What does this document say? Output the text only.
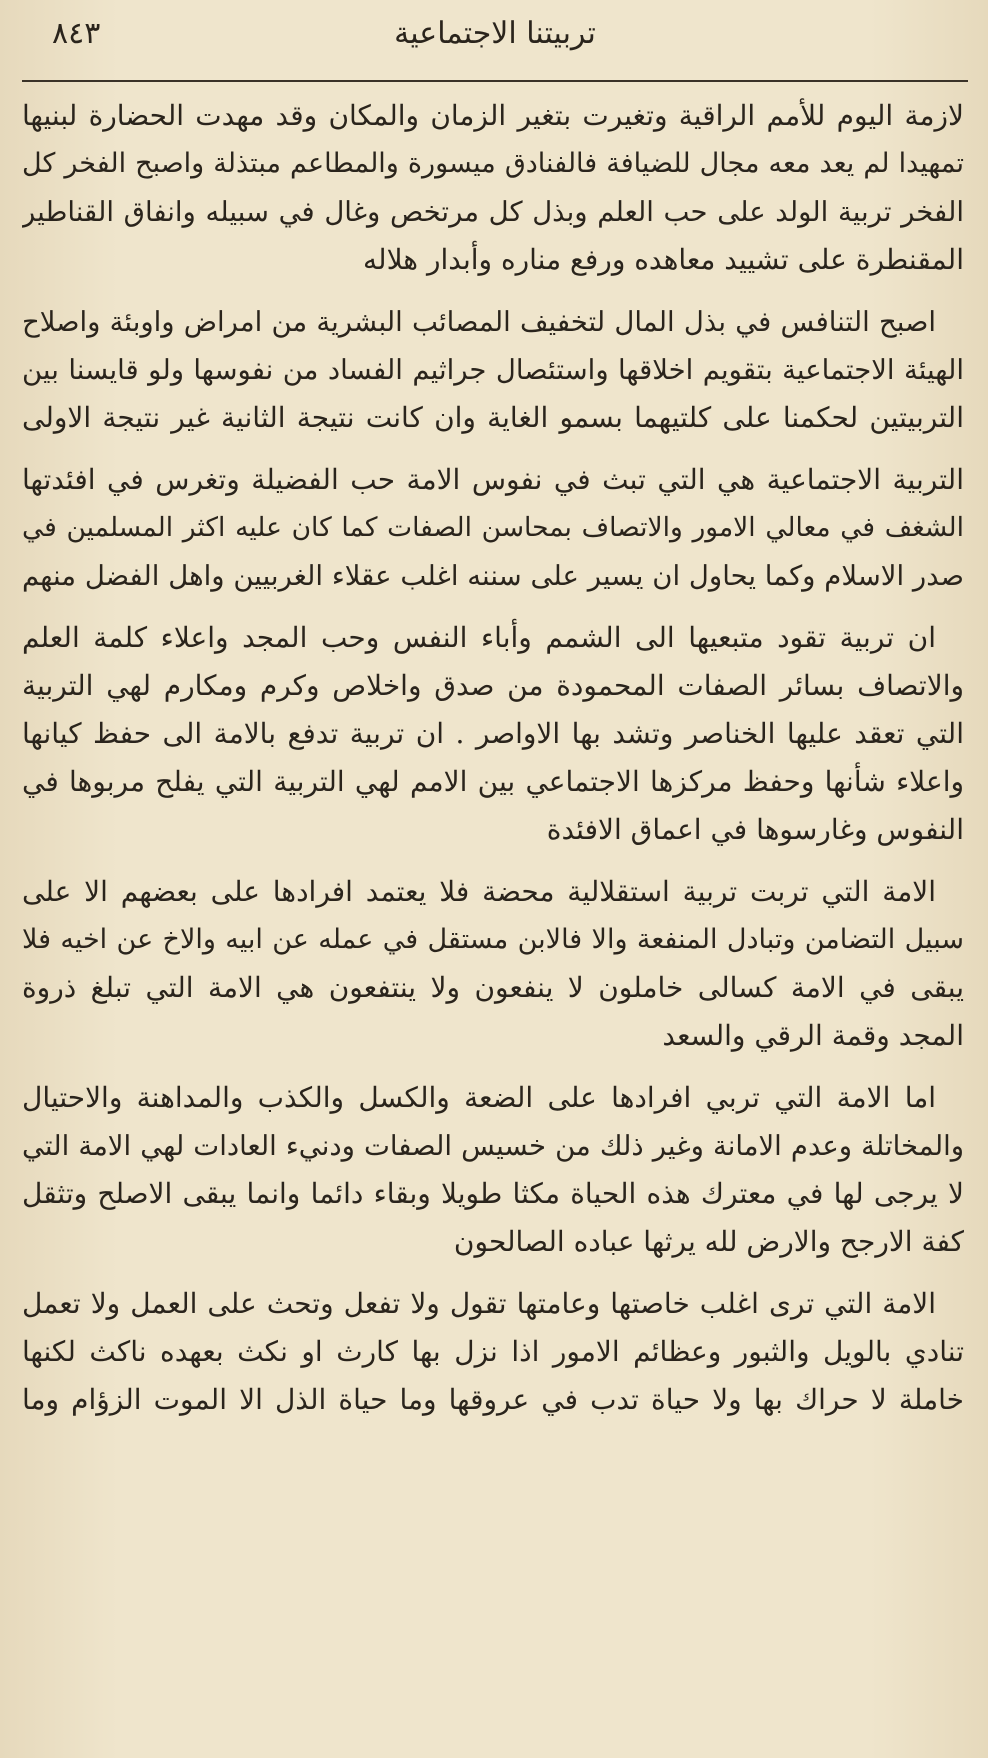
تربيتنا الاجتماعية
٨٤٣
لازمة اليوم للأمم الراقية وتغيرت بتغير الزمان والمكان وقد مهدت الحضارة لبنيها
تمهيدا لم يعد معه مجال للضيافة فالفنادق ميسورة والمطاعم مبتذلة واصبح الفخر كل
الفخر تربية الولد على حب العلم وبذل كل مرتخص وغال في سبيله وانفاق القناطير
المقنطرة على تشييد معاهده ورفع مناره وأبدار هلاله
اصبح التنافس في بذل المال لتخفيف المصائب البشرية من امراض واوبئة واصلاح
الهيئة الاجتماعية بتقويم اخلاقها واستئصال جراثيم الفساد من نفوسها ولو قايسنا بين
التربيتين لحكمنا على كلتيهما بسمو الغاية وان كانت نتيجة الثانية غير نتيجة الاولى
التربية الاجتماعية هي التي تبث في نفوس الامة حب الفضيلة وتغرس في افئدتها
الشغف في معالي الامور والاتصاف بمحاسن الصفات كما كان عليه اكثر المسلمين في
صدر الاسلام وكما يحاول ان يسير على سننه اغلب عقلاء الغربيين واهل الفضل منهم
ان تربية تقود متبعيها الى الشمم وأباء النفس وحب المجد واعلاء كلمة العلم
والاتصاف بسائر الصفات المحمودة من صدق واخلاص وكرم ومكارم لهي التربية
التي تعقد عليها الخناصر وتشد بها الاواصر . ان تربية تدفع بالامة الى حفظ كيانها
واعلاء شأنها وحفظ مركزها الاجتماعي بين الامم لهي التربية التي يفلح مربوها في
النفوس وغارسوها في اعماق الافئدة
الامة التي تربت تربية استقلالية محضة فلا يعتمد افرادها على بعضهم الا على
سبيل التضامن وتبادل المنفعة والا فالابن مستقل في عمله عن ابيه والاخ عن اخيه فلا
يبقى في الامة كسالى خاملون لا ينفعون ولا ينتفعون هي الامة التي تبلغ ذروة
المجد وقمة الرقي والسعد
اما الامة التي تربي افرادها على الضعة والكسل والكذب والمداهنة والاحتيال
والمخاتلة وعدم الامانة وغير ذلك من خسيس الصفات ودنيء العادات لهي الامة التي
لا يرجى لها في معترك هذه الحياة مكثا طويلا وبقاء دائما وانما يبقى الاصلح وتثقل
كفة الارجح والارض لله يرثها عباده الصالحون
الامة التي ترى اغلب خاصتها وعامتها تقول ولا تفعل وتحث على العمل ولا تعمل
تنادي بالويل والثبور وعظائم الامور اذا نزل بها كارث او نكث بعهده ناكث لكنها
خاملة لا حراك بها ولا حياة تدب في عروقها وما حياة الذل الا الموت الزؤام وما
